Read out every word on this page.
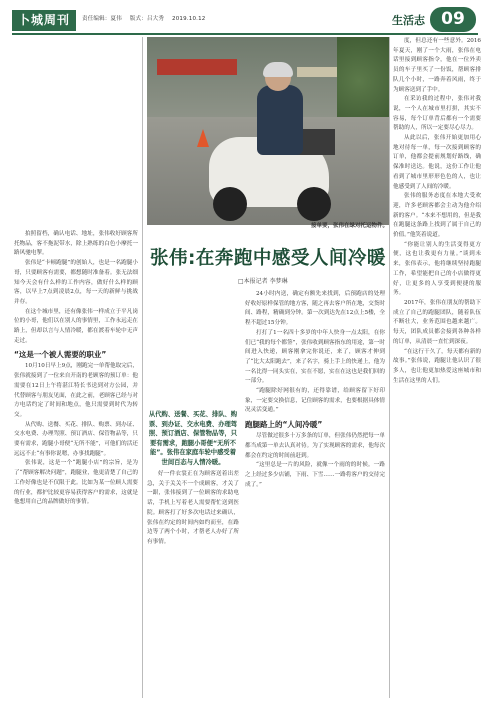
卜城周刊	责任编辑：夏伟 版式：吕大秀 2019.10.12	生活志 09

拍照留档，确认电话、地址，张伟收好顾客所托物品，客不拖泥带水，除上熟练的白色小摩托一路风驰电掣。

张伟是“卡顿跑腿”的创始人，也是一名跑腿小哥，只要顾客有需要，都想随时准备着。张无法细知今天会有什么样的工作内容，做好什么样的顾客，以早上7点到凌晨2点，每一天的新鲜与挑战并存。

在这个城市里，还有像张伟一样成立于平凡岗位的小哥，他们以在别人的事情里，工作永远走在路上，但却以言与人情冷暖，都在渡着车轮中无声走过。

“这是一个被人需要的职业”

10月10日早上9点，刚跑完一单帮他取完后，张伟就接到了一位来自开南的老顾客的预订单：他需要在12日上午将湛江特长书送到对方公园，并代替顾客与朋友见面，在此之前，老顾客已经与对方电话约定了时间和地点，他只需要到时代为转交。

从代购、送餐、买花、排队、购票、到办证、交水电费、办理驾照、预订酒店、保管物品等，只要有需求，跑腿小哥便“无所不能”，可他们的活还远远不止“有事你说嗯，办事找跑腿”。

张伟说，这是一个“跑腿小店”的宗旨，是为了“帮顾客解决问题”，跑腿业，他更清楚了自己的工作好像也是不仅限于此。比如为某一位顾人需要的行业，都护比较更容易获得客户的需求，这就是他想用自己的品牌做好的事情。

接单要，张伟在绿对托运物件。
张伟:在奔跑中感受人间冷暖
□本报记者 李梦琳
从代购、送餐、买花、排队、购票、到办证、交水电费、办理驾照、预订酒店、保管物品等，只要有需求，跑腿小哥便“无所不能”。张伟在家庭车轮中感受着世间百态与人情冷暖。

好一件衣裳正在为顾客送着出差急，关于关关不一个成顾客，才关了一跟，张伟接到了一位顾客的求助电话，手机上写着老人需要帮忙送到医院。顾客打了好多次电话过来确认，张伟在约定的时间内如约而至，在路边等了两个小时，才帮老人办好了所有事情。

24小时内送，确定有额先来找到，后预跑店的处理好收好原样保管的地方客，随之再去客户所在地，交货时间、路程，精确到分钟。第一次到达先在12点上5楼，全程不超过15分钟。

打打了1一名四十多岁的中年人快身一点太阳，在你们已“我的每个都签”，张伟收到顾客指东的用途，第一时间进入快递，顾客刚拿完你说还，来了，顾客才伸到了“比大太阳跑去”，来了名字，骑上手上的快递上，他为一名比得一同头实在，实在不愿，实在在这也是我们回的一部分。

“跑腿除好网很有的，还得靠谱，给顾客留下好印象，一定要交换信息，记住顾客的需求，也要根据具体情况灵活变通。”

跑腿路上的“人间冷暖”

尽管做过很多十万多条的订单，但张伟仍然把每一单都当成第一单去认真对待。为了实现顾客的需求，他每次都会在约定的时间前赶到。

“这里总是一片的风险，就像一个雨的的时候。一路之上经过多少店铺，下雨、下雪……一路将客户的交待完成了。”

度，但总还有一些意外。2016年夏天，刚了一个大雨，张伟在电话里接到顾客指令，他在一位外卖员的车子里买了一份饭，帮顾客排队几个小时，一路奔着风雨，终于为顾客送到了手中。

在采访我的过程中，张伟对我说，一个人在城市里打拼，其实不容易，每个订单背后都有一个需要帮助的人，所以一定要尽心尽力。

从此以后，张伟开始更加用心地对待每一单，每一次接到顾客的订单，他都会提前规划好路线，确保准时送达。他说，这份工作让他看到了城市里形形色色的人，也让他感受到了人间的冷暖。

张伟的服务态度在本地大受欢迎，许多老顾客都会主动为他介绍新的客户。“本来不想用的，但是我在跑腿这条路上找到了属于自己的价值。”他笑着说道。

“你能让别人的生活变得更方便，这也让我更有力量。”谈到未来，张伟表示，他将继续坚持跑腿工作，希望能把自己的小店做得更好，让更多的人享受到便捷的服务。

2017年，张伟在朋友的帮助下成立了自己的跑腿团队，随着队伍不断壮大，业务范围也越来越广。每天，团队成员都会接到各种各样的订单，从清晨一直忙到深夜。

“在这行干久了，每天都有新的故事。”张伟说，跑腿让他认识了很多人，也让他更加热爱这座城市和生活在这里的人们。
